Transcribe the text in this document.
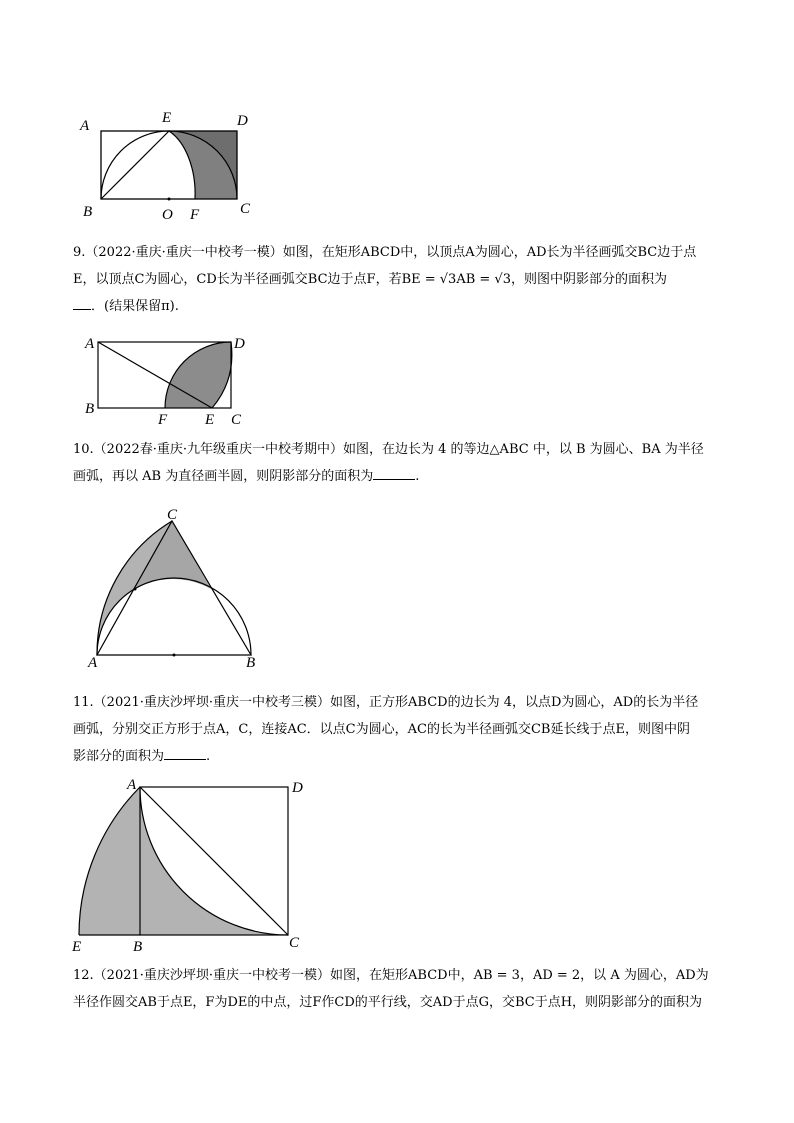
A	E	D
B	O F	C

9.（2022·重庆·重庆一中校考一模）如图，在矩形ABCD中，以顶点A为圆心，AD长为半径画弧交BC边于点

E，以顶点C为圆心，CD长为半径画弧交BC边于点F，若BE = √3AB = √3，则图中阴影部分的面积为

．(结果保留π).

A	D
B
F	E C

10.（2022春·重庆·九年级重庆一中校考期中）如图，在边长为 4 的等边△ABC 中，以 B 为圆心、BA 为半径

画弧，再以 AB 为直径画半圆，则阴影部分的面积为	.

C
A	B

11.（2021·重庆沙坪坝·重庆一中校考三模）如图，正方形ABCD的边长为 4，以点D为圆心，AD的长为半径

画弧，分别交正方形于点A，C，连接AC．以点C为圆心，AC的长为半径画弧交CB延长线于点E，则图中阴

影部分的面积为	.

A	D
E	B	C

12.（2021·重庆沙坪坝·重庆一中校考一模）如图，在矩形ABCD中，AB = 3，AD = 2，以 A 为圆心，AD为

半径作圆交AB于点E，F为DE的中点，过F作CD的平行线，交AD于点G，交BC于点H，则阴影部分的面积为
